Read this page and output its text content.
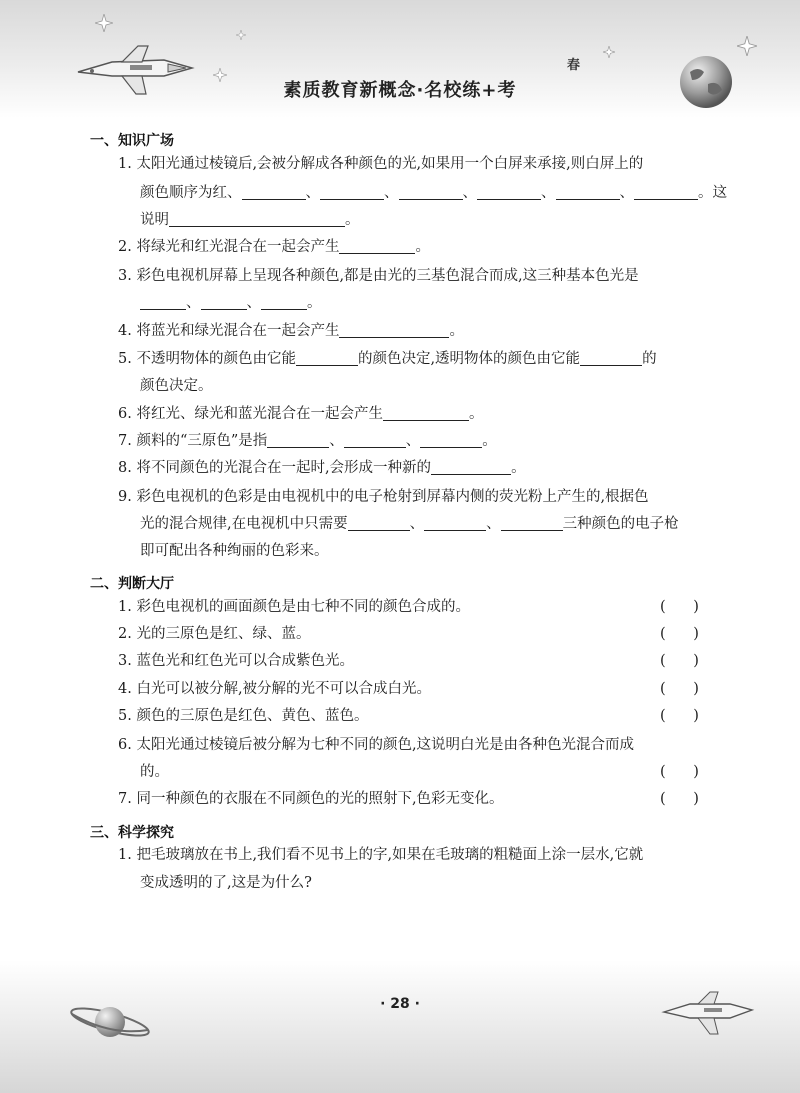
春
素质教育新概念·名校练+考
一、知识广场
1. 太阳光通过棱镜后,会被分解成各种颜色的光,如果用一个白屏来承接,则白屏上的
颜色顺序为红、	、	、	、	、	、	。这
说明	。
2. 将绿光和红光混合在一起会产生	。
3. 彩色电视机屏幕上呈现各种颜色,都是由光的三基色混合而成,这三种基本色光是
、	、	。
4. 将蓝光和绿光混合在一起会产生	。
5. 不透明物体的颜色由它能	的颜色决定,透明物体的颜色由它能	的
颜色决定。
6. 将红光、绿光和蓝光混合在一起会产生	。
7. 颜料的“三原色”是指	、	、	。
8. 将不同颜色的光混合在一起时,会形成一种新的	。
9. 彩色电视机的色彩是由电视机中的电子枪射到屏幕内侧的荧光粉上产生的,根据色
光的混合规律,在电视机中只需要	、	、	三种颜色的电子枪
即可配出各种绚丽的色彩来。
二、判断大厅
1. 彩色电视机的画面颜色是由七种不同的颜色合成的。	(      )
2. 光的三原色是红、绿、蓝。	(      )
3. 蓝色光和红色光可以合成紫色光。	(      )
4. 白光可以被分解,被分解的光不可以合成白光。	(      )
5. 颜色的三原色是红色、黄色、蓝色。	(      )
6. 太阳光通过棱镜后被分解为七种不同的颜色,这说明白光是由各种色光混合而成
的。	(      )
7. 同一种颜色的衣服在不同颜色的光的照射下,色彩无变化。	(      )
三、科学探究
1. 把毛玻璃放在书上,我们看不见书上的字,如果在毛玻璃的粗糙面上涂一层水,它就
变成透明的了,这是为什么?
· 28 ·
